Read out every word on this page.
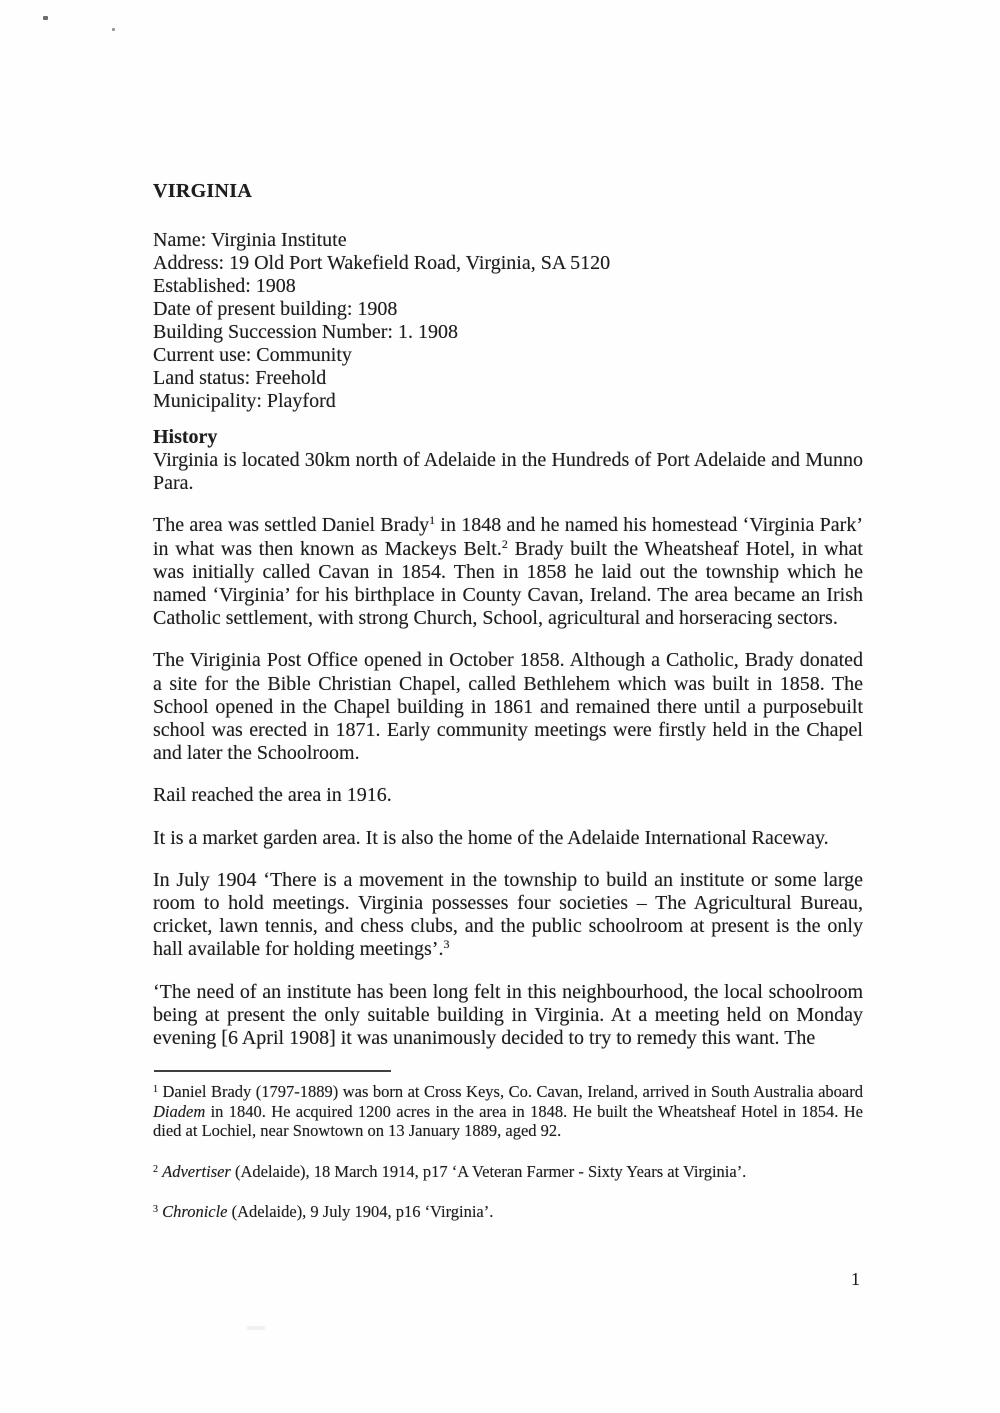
VIRGINIA
Name: Virginia Institute
Address: 19 Old Port Wakefield Road, Virginia, SA 5120
Established: 1908
Date of present building: 1908
Building Succession Number: 1. 1908
Current use: Community
Land status: Freehold
Municipality: Playford
History

Virginia is located 30km north of Adelaide in the Hundreds of Port Adelaide and Munno Para.

The area was settled Daniel Brady$^1$ in 1848 and he named his homestead ‘Virginia Park’ in what was then known as Mackeys Belt.$^2$ Brady built the Wheatsheaf Hotel, in what was initially called Cavan in 1854. Then in 1858 he laid out the township which he named ‘Virginia’ for his birthplace in County Cavan, Ireland. The area became an Irish Catholic settlement, with strong Church, School, agricultural and horseracing sectors.

The Viriginia Post Office opened in October 1858. Although a Catholic, Brady donated a site for the Bible Christian Chapel, called Bethlehem which was built in 1858. The School opened in the Chapel building in 1861 and remained there until a purposebuilt school was erected in 1871. Early community meetings were firstly held in the Chapel and later the Schoolroom.

Rail reached the area in 1916.

It is a market garden area. It is also the home of the Adelaide International Raceway.

In July 1904 ‘There is a movement in the township to build an institute or some large room to hold meetings. Virginia possesses four societies – The Agricultural Bureau, cricket, lawn tennis, and chess clubs, and the public schoolroom at present is the only hall available for holding meetings’.$^3$

‘The need of an institute has been long felt in this neighbourhood, the local schoolroom being at present the only suitable building in Virginia. At a meeting held on Monday evening [6 April 1908] it was unanimously decided to try to remedy this want. The

$^1$ Daniel Brady (1797-1889) was born at Cross Keys, Co. Cavan, Ireland, arrived in South Australia aboard Diadem in 1840. He acquired 1200 acres in the area in 1848. He built the Wheatsheaf Hotel in 1854. He died at Lochiel, near Snowtown on 13 January 1889, aged 92.

$^2$ Advertiser (Adelaide), 18 March 1914, p17 ‘A Veteran Farmer - Sixty Years at Virginia’.

$^3$ Chronicle (Adelaide), 9 July 1904, p16 ‘Virginia’.

1
